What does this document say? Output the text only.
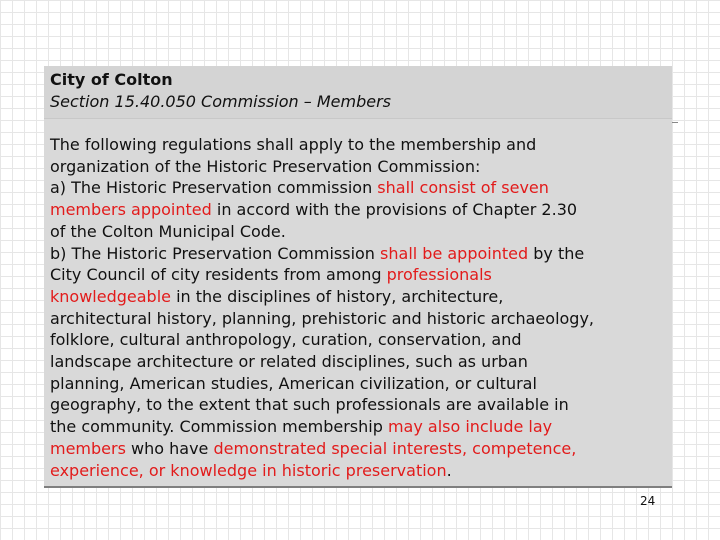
City of Colton
Section 15.40.050 Commission – Members
The following regulations shall apply to the membership and
organization of the Historic Preservation Commission:
a) The Historic Preservation commission shall consist of seven
members appointed in accord with the provisions of Chapter 2.30
of the Colton Municipal Code.
b) The Historic Preservation Commission shall be appointed by the
City Council of city residents from among professionals
knowledgeable in the disciplines of history, architecture,
architectural history, planning, prehistoric and historic archaeology,
folklore, cultural anthropology, curation, conservation, and
landscape architecture or related disciplines, such as urban
planning, American studies, American civilization, or cultural
geography, to the extent that such professionals are available in
the community. Commission membership may also include lay
members who have demonstrated special interests, competence,
experience, or knowledge in historic preservation.
24
